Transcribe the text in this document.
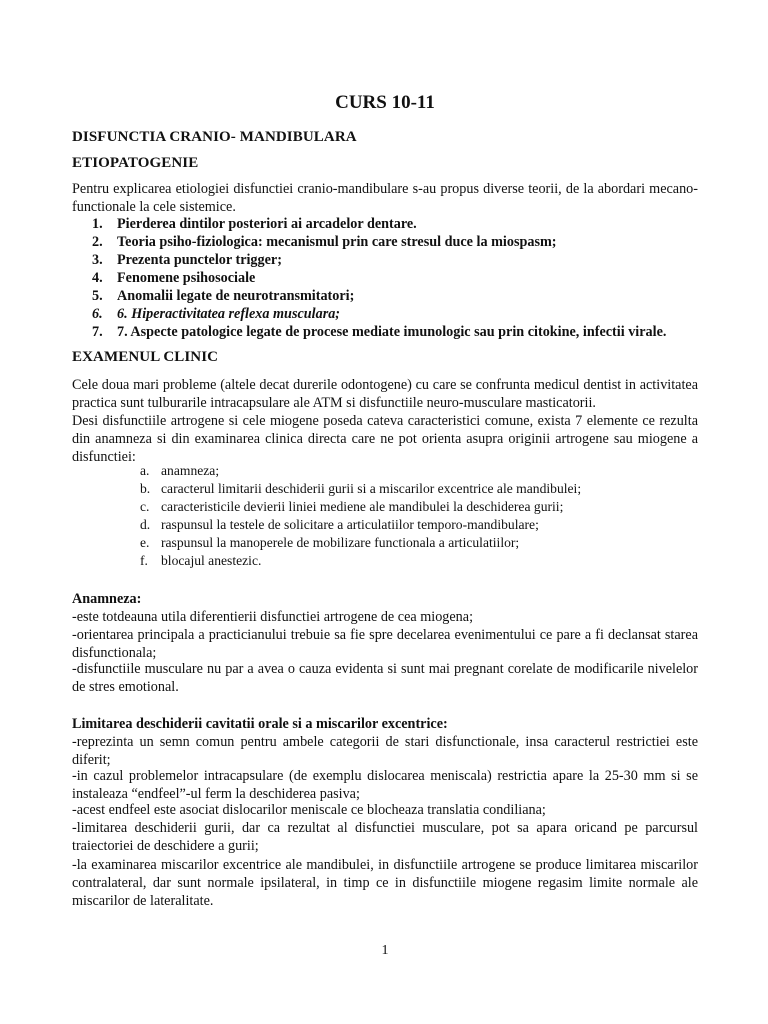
CURS 10-11
DISFUNCTIA CRANIO- MANDIBULARA
ETIOPATOGENIE

Pentru explicarea etiologiei disfunctiei cranio-mandibulare s-au propus diverse teorii, de la abordari mecano-functionale la cele sistemice.

1. Pierderea dintilor posteriori ai arcadelor dentare.
2. Teoria psiho-fiziologica: mecanismul prin care stresul duce la miospasm;
3. Prezenta punctelor trigger;
4. Fenomene psihosociale
5. Anomalii legate de neurotransmitatori;
6. 6. Hiperactivitatea reflexa musculara;
7. 7. Aspecte patologice legate de procese mediate imunologic sau prin citokine, infectii virale.
EXAMENUL CLINIC

Cele doua mari probleme (altele decat durerile odontogene) cu care se confrunta medicul dentist in activitatea practica sunt tulburarile intracapsulare ale ATM si disfunctiile neuro-musculare masticatorii.

Desi disfunctiile artrogene si cele miogene poseda cateva caracteristici comune, exista 7 elemente ce rezulta din anamneza si din examinarea clinica directa care ne pot orienta asupra originii artrogene sau miogene a disfunctiei:

a. anamneza;
b. caracterul limitarii deschiderii gurii si a miscarilor excentrice ale mandibulei;
c. caracteristicile devierii liniei mediene ale mandibulei la deschiderea gurii;
d. raspunsul la testele de solicitare a articulatiilor temporo-mandibulare;
e. raspunsul la manoperele de mobilizare functionala a articulatiilor;
f. blocajul anestezic.
Anamneza:

-este totdeauna utila diferentierii disfunctiei artrogene de cea miogena;

-orientarea principala a practicianului trebuie sa fie spre decelarea evenimentului ce pare a fi declansat starea disfunctionala;

-disfunctiile musculare nu par a avea o cauza evidenta si sunt mai pregnant corelate de modificarile nivelelor de stres emotional.

Limitarea deschiderii cavitatii orale si a miscarilor excentrice:

-reprezinta un semn comun pentru ambele categorii de stari disfunctionale, insa caracterul restrictiei este diferit;

-in cazul problemelor intracapsulare (de exemplu dislocarea meniscala) restrictia apare la 25-30 mm si se instaleaza “endfeel”-ul ferm la deschiderea pasiva;

-acest endfeel este asociat dislocarilor meniscale ce blocheaza translatia condiliana;

-limitarea deschiderii gurii, dar ca rezultat al disfunctiei musculare, pot sa apara oricand pe parcursul traiectoriei de deschidere a gurii;

-la examinarea miscarilor excentrice ale mandibulei, in disfunctiile artrogene se produce limitarea miscarilor contralateral, dar sunt normale ipsilateral, in timp ce in disfunctiile miogene regasim limite normale ale miscarilor de lateralitate.

1
